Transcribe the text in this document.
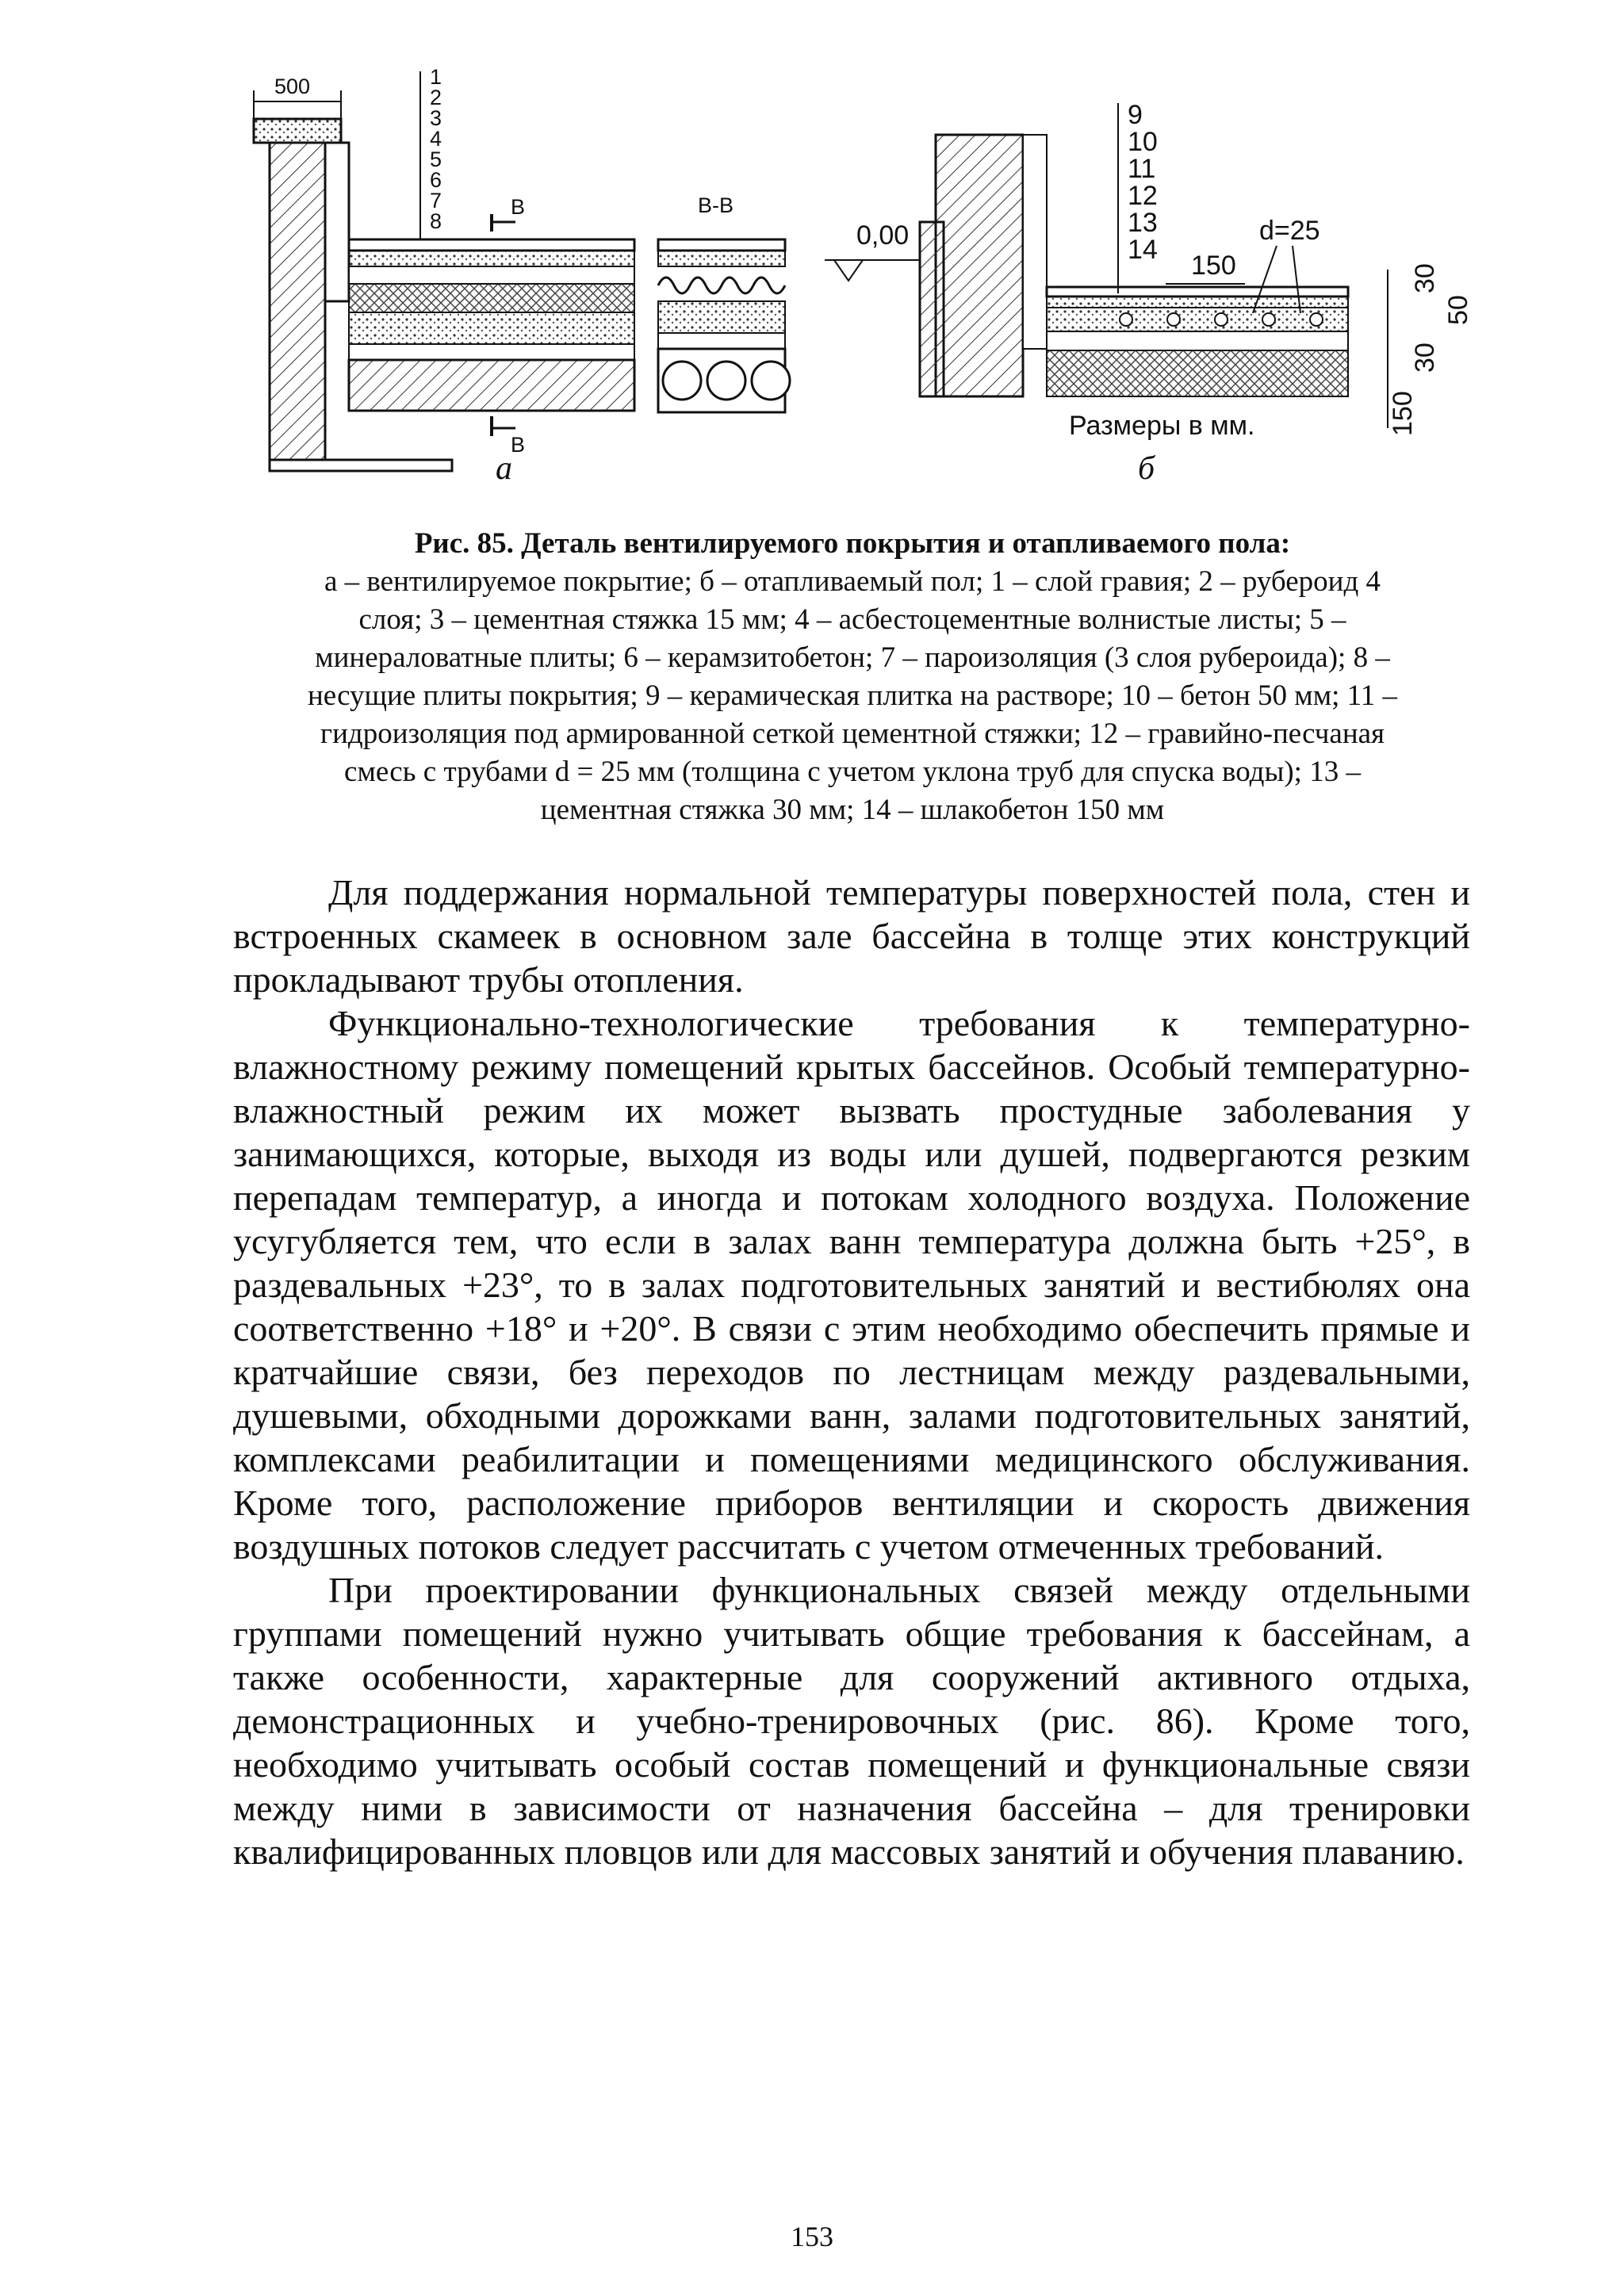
500	1
2
3
4
5
6
7
8
В
В
В-В
а
0,00
9
10
11
12
13
14
d=25
150	30
30
50
150
Размеры в мм.
б
Рис. 85. Деталь вентилируемого покрытия и отапливаемого пола:
а – вентилируемое покрытие; б – отапливаемый пол; 1 – слой гравия; 2 – рубероид 4
слоя; 3 – цементная стяжка 15 мм; 4 – асбестоцементные волнистые листы; 5 –
минераловатные плиты; 6 – керамзитобетон; 7 – пароизоляция (3 слоя рубероида); 8 –
несущие плиты покрытия; 9 – керамическая плитка на растворе; 10 – бетон 50 мм; 11 –
гидроизоляция под армированной сеткой цементной стяжки; 12 – гравийно-песчаная
смесь с трубами d = 25 мм (толщина с учетом уклона труб для спуска воды); 13 –
цементная стяжка 30 мм; 14 – шлакобетон 150 мм

Для поддержания нормальной температуры поверхностей пола, стен и встроенных скамеек в основном зале бассейна в толще этих конструкций прокладывают трубы отопления.

Функционально-технологические требования к температурно-влажностному режиму помещений крытых бассейнов. Особый температурно-влажностный режим их может вызвать простудные заболевания у занимающихся, которые, выходя из воды или душей, подвергаются резким перепадам температур, а иногда и потокам холодного воздуха. Положение усугубляется тем, что если в залах ванн температура должна быть +25°, в раздевальных +23°, то в залах подготовительных занятий и вестибюлях она соответственно +18° и +20°. В связи с этим необходимо обеспечить прямые и кратчайшие связи, без переходов по лестницам между раздевальными, душевыми, обходными дорожками ванн, залами подготовительных занятий, комплексами реабилитации и помещениями медицинского обслуживания. Кроме того, расположение приборов вентиляции и скорость движения воздушных потоков следует рассчитать с учетом отмеченных требований.

При проектировании функциональных связей между отдельными группами помещений нужно учитывать общие требования к бассейнам, а также особенности, характерные для сооружений активного отдыха, демонстрационных и учебно-тренировочных (рис. 86). Кроме того, необходимо учитывать особый состав помещений и функциональные связи между ними в зависимости от назначения бассейна – для тренировки квалифицированных пловцов или для массовых занятий и обучения плаванию.

153
